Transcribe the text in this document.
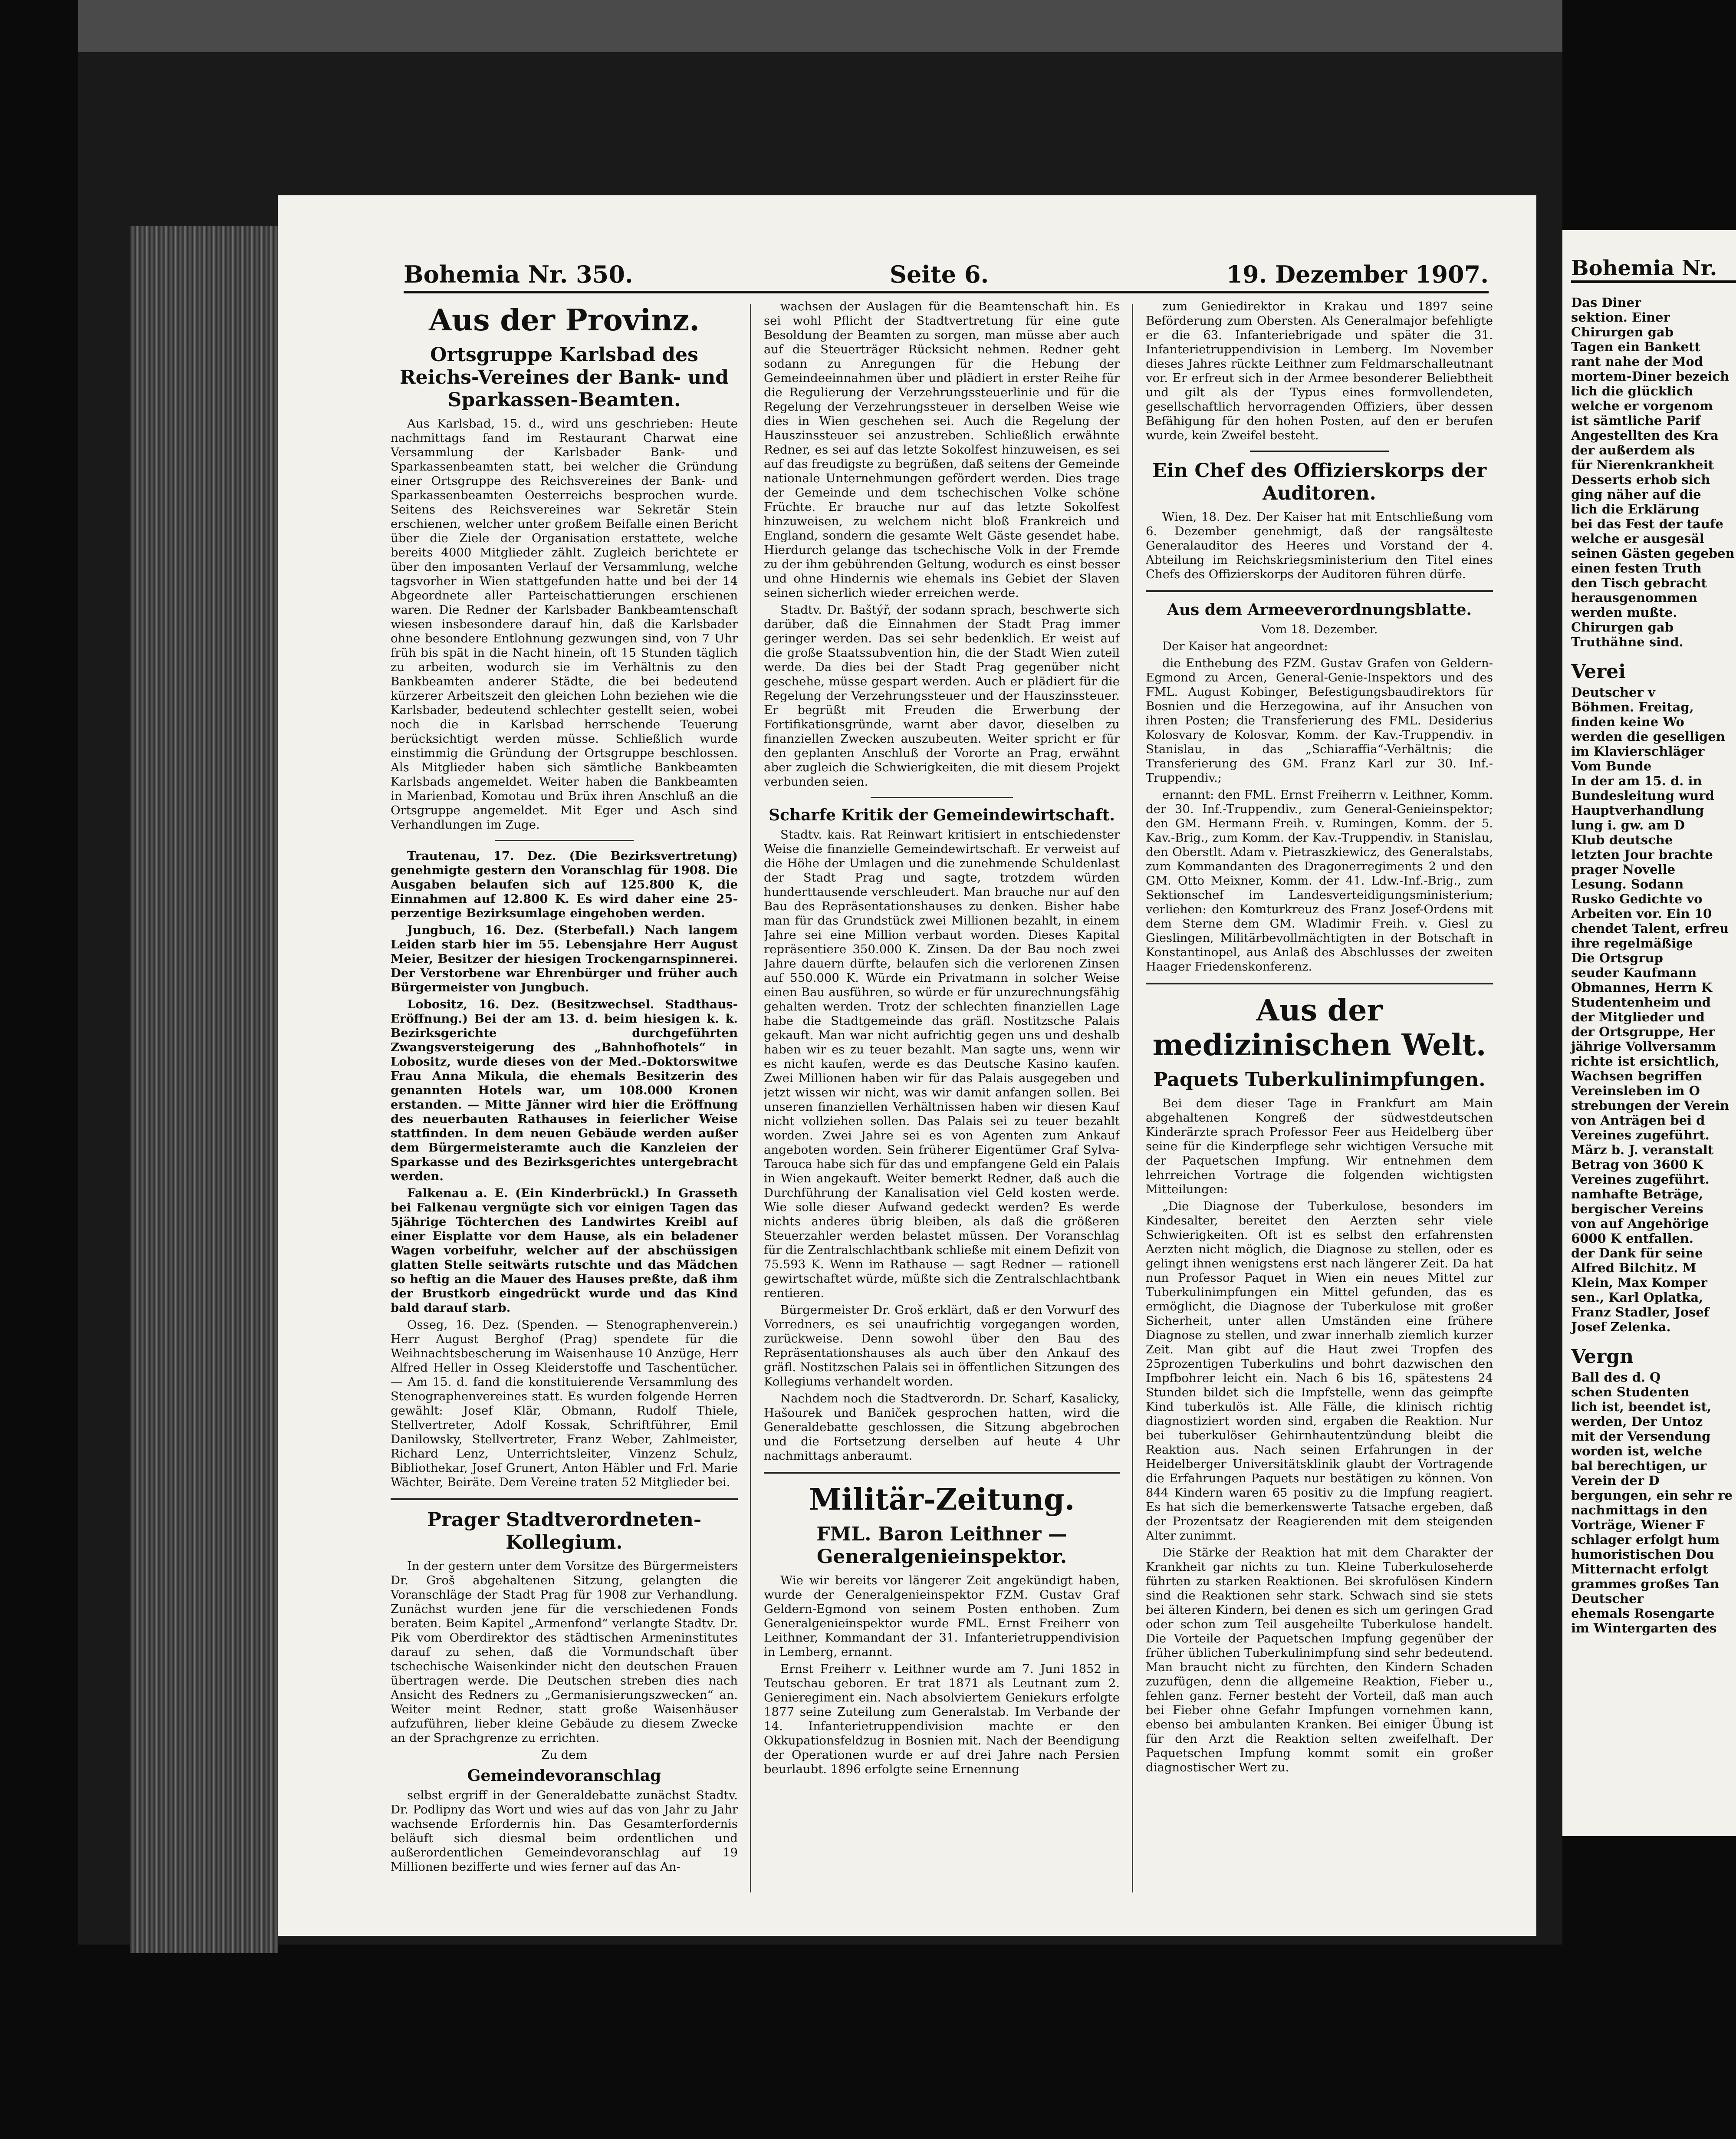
Bohemia Nr. 350.	Seite 6.	19. Dezember 1907.
Aus der Provinz.
Ortsgruppe Karlsbad des Reichs-Vereines der Bank- und Sparkassen-Beamten.

Aus Karlsbad, 15. d., wird uns geschrieben: Heute nachmittags fand im Restaurant Charwat eine Versammlung der Karlsbader Bank- und Sparkassenbeamten statt, bei welcher die Gründung einer Ortsgruppe des Reichsvereines der Bank- und Sparkassenbeamten Oesterreichs besprochen wurde. Seitens des Reichsvereines war Sekretär Stein erschienen, welcher unter großem Beifalle einen Bericht über die Ziele der Organisation erstattete, welche bereits 4000 Mitglieder zählt. Zugleich berichtete er über den imposanten Verlauf der Versammlung, welche tagsvorher in Wien stattgefunden hatte und bei der 14 Abgeordnete aller Parteischattierungen erschienen waren. Die Redner der Karlsbader Bankbeamtenschaft wiesen insbesondere darauf hin, daß die Karlsbader ohne besondere Entlohnung gezwungen sind, von 7 Uhr früh bis spät in die Nacht hinein, oft 15 Stunden täglich zu arbeiten, wodurch sie im Verhältnis zu den Bankbeamten anderer Städte, die bei bedeutend kürzerer Arbeitszeit den gleichen Lohn beziehen wie die Karlsbader, bedeutend schlechter gestellt seien, wobei noch die in Karlsbad herrschende Teuerung berücksichtigt werden müsse. Schließlich wurde einstimmig die Gründung der Ortsgruppe beschlossen. Als Mitglieder haben sich sämtliche Bankbeamten Karlsbads angemeldet. Weiter haben die Bankbeamten in Marienbad, Komotau und Brüx ihren Anschluß an die Ortsgruppe angemeldet. Mit Eger und Asch sind Verhandlungen im Zuge.

Trautenau, 17. Dez. (Die Bezirksvertretung) genehmigte gestern den Voranschlag für 1908. Die Ausgaben belaufen sich auf 125.800 K, die Einnahmen auf 12.800 K. Es wird daher eine 25-perzentige Bezirksumlage eingehoben werden.

Jungbuch, 16. Dez. (Sterbefall.) Nach langem Leiden starb hier im 55. Lebensjahre Herr August Meier, Besitzer der hiesigen Trockengarnspinnerei. Der Verstorbene war Ehrenbürger und früher auch Bürgermeister von Jungbuch.

Lobositz, 16. Dez. (Besitzwechsel. Stadthaus-Eröffnung.) Bei der am 13. d. beim hiesigen k. k. Bezirksgerichte durchgeführten Zwangsversteigerung des „Bahnhofhotels“ in Lobositz, wurde dieses von der Med.-Doktorswitwe Frau Anna Mikula, die ehemals Besitzerin des genannten Hotels war, um 108.000 Kronen erstanden. — Mitte Jänner wird hier die Eröffnung des neuerbauten Rathauses in feierlicher Weise stattfinden. In dem neuen Gebäude werden außer dem Bürgermeisteramte auch die Kanzleien der Sparkasse und des Bezirksgerichtes untergebracht werden.

Falkenau a. E. (Ein Kinderbrückl.) In Grasseth bei Falkenau vergnügte sich vor einigen Tagen das 5jährige Töchterchen des Landwirtes Kreibl auf einer Eisplatte vor dem Hause, als ein beladener Wagen vorbeifuhr, welcher auf der abschüssigen glatten Stelle seitwärts rutschte und das Mädchen so heftig an die Mauer des Hauses preßte, daß ihm der Brustkorb eingedrückt wurde und das Kind bald darauf starb.

Osseg, 16. Dez. (Spenden. — Stenographenverein.) Herr August Berghof (Prag) spendete für die Weihnachtsbescherung im Waisenhause 10 Anzüge, Herr Alfred Heller in Osseg Kleiderstoffe und Taschentücher. — Am 15. d. fand die konstituierende Versammlung des Stenographenvereines statt. Es wurden folgende Herren gewählt: Josef Klär, Obmann, Rudolf Thiele, Stellvertreter, Adolf Kossak, Schriftführer, Emil Danilowsky, Stellvertreter, Franz Weber, Zahlmeister, Richard Lenz, Unterrichtsleiter, Vinzenz Schulz, Bibliothekar, Josef Grunert, Anton Häbler und Frl. Marie Wächter, Beiräte. Dem Vereine traten 52 Mitglieder bei.

Prager Stadtverordneten-Kollegium.

In der gestern unter dem Vorsitze des Bürgermeisters Dr. Groš abgehaltenen Sitzung, gelangten die Voranschläge der Stadt Prag für 1908 zur Verhandlung. Zunächst wurden jene für die verschiedenen Fonds beraten. Beim Kapitel „Armenfond“ verlangte Stadtv. Dr. Pik vom Oberdirektor des städtischen Armeninstitutes darauf zu sehen, daß die Vormundschaft über tschechische Waisenkinder nicht den deutschen Frauen übertragen werde. Die Deutschen streben dies nach Ansicht des Redners zu „Germanisierungszwecken“ an. Weiter meint Redner, statt große Waisenhäuser aufzuführen, lieber kleine Gebäude zu diesem Zwecke an der Sprachgrenze zu errichten.

Zu dem

Gemeindevoranschlag

selbst ergriff in der Generaldebatte zunächst Stadtv. Dr. Podlipny das Wort und wies auf das von Jahr zu Jahr wachsende Erfordernis hin. Das Gesamterfordernis beläuft sich diesmal beim ordentlichen und außerordentlichen Gemeindevoranschlag auf 19 Millionen bezifferte und wies ferner auf das An-

wachsen der Auslagen für die Beamtenschaft hin. Es sei wohl Pflicht der Stadtvertretung für eine gute Besoldung der Beamten zu sorgen, man müsse aber auch auf die Steuerträger Rücksicht nehmen. Redner geht sodann zu Anregungen für die Hebung der Gemeindeeinnahmen über und plädiert in erster Reihe für die Regulierung der Verzehrungssteuerlinie und für die Regelung der Verzehrungssteuer in derselben Weise wie dies in Wien geschehen sei. Auch die Regelung der Hauszinssteuer sei anzustreben. Schließlich erwähnte Redner, es sei auf das letzte Sokolfest hinzuweisen, es sei auf das freudigste zu begrüßen, daß seitens der Gemeinde nationale Unternehmungen gefördert werden. Dies trage der Gemeinde und dem tschechischen Volke schöne Früchte. Er brauche nur auf das letzte Sokolfest hinzuweisen, zu welchem nicht bloß Frankreich und England, sondern die gesamte Welt Gäste gesendet habe. Hierdurch gelange das tschechische Volk in der Fremde zu der ihm gebührenden Geltung, wodurch es einst besser und ohne Hindernis wie ehemals ins Gebiet der Slaven seinen sicherlich wieder erreichen werde.

Stadtv. Dr. Baštýř, der sodann sprach, beschwerte sich darüber, daß die Einnahmen der Stadt Prag immer geringer werden. Das sei sehr bedenklich. Er weist auf die große Staatssubvention hin, die der Stadt Wien zuteil werde. Da dies bei der Stadt Prag gegenüber nicht geschehe, müsse gespart werden. Auch er plädiert für die Regelung der Verzehrungssteuer und der Hauszinssteuer. Er begrüßt mit Freuden die Erwerbung der Fortifikationsgründe, warnt aber davor, dieselben zu finanziellen Zwecken auszubeuten. Weiter spricht er für den geplanten Anschluß der Vororte an Prag, erwähnt aber zugleich die Schwierigkeiten, die mit diesem Projekt verbunden seien.

Scharfe Kritik der Gemeindewirtschaft.

Stadtv. kais. Rat Reinwart kritisiert in entschiedenster Weise die finanzielle Gemeindewirtschaft. Er verweist auf die Höhe der Umlagen und die zunehmende Schuldenlast der Stadt Prag und sagte, trotzdem würden hunderttausende verschleudert. Man brauche nur auf den Bau des Repräsentationshauses zu denken. Bisher habe man für das Grundstück zwei Millionen bezahlt, in einem Jahre sei eine Million verbaut worden. Dieses Kapital repräsentiere 350.000 K. Zinsen. Da der Bau noch zwei Jahre dauern dürfte, belaufen sich die verlorenen Zinsen auf 550.000 K. Würde ein Privatmann in solcher Weise einen Bau ausführen, so würde er für unzurechnungsfähig gehalten werden. Trotz der schlechten finanziellen Lage habe die Stadtgemeinde das gräfl. Nostitzsche Palais gekauft. Man war nicht aufrichtig gegen uns und deshalb haben wir es zu teuer bezahlt. Man sagte uns, wenn wir es nicht kaufen, werde es das Deutsche Kasino kaufen. Zwei Millionen haben wir für das Palais ausgegeben und jetzt wissen wir nicht, was wir damit anfangen sollen. Bei unseren finanziellen Verhältnissen haben wir diesen Kauf nicht vollziehen sollen. Das Palais sei zu teuer bezahlt worden. Zwei Jahre sei es von Agenten zum Ankauf angeboten worden. Sein früherer Eigentümer Graf Sylva-Tarouca habe sich für das und empfangene Geld ein Palais in Wien angekauft. Weiter bemerkt Redner, daß auch die Durchführung der Kanalisation viel Geld kosten werde. Wie solle dieser Aufwand gedeckt werden? Es werde nichts anderes übrig bleiben, als daß die größeren Steuerzahler werden belastet müssen. Der Voranschlag für die Zentralschlachtbank schließe mit einem Defizit von 75.593 K. Wenn im Rathause — sagt Redner — rationell gewirtschaftet würde, müßte sich die Zentralschlachtbank rentieren.

Bürgermeister Dr. Groš erklärt, daß er den Vorwurf des Vorredners, es sei unaufrichtig vorgegangen worden, zurückweise. Denn sowohl über den Bau des Repräsentationshauses als auch über den Ankauf des gräfl. Nostitzschen Palais sei in öffentlichen Sitzungen des Kollegiums verhandelt worden.

Nachdem noch die Stadtverordn. Dr. Scharf, Kasalicky, Hašourek und Baniček gesprochen hatten, wird die Generaldebatte geschlossen, die Sitzung abgebrochen und die Fortsetzung derselben auf heute 4 Uhr nachmittags anberaumt.

Militär-Zeitung.
FML. Baron Leithner — Generalgenieinspektor.

Wie wir bereits vor längerer Zeit angekündigt haben, wurde der Generalgenieinspektor FZM. Gustav Graf Geldern-Egmond von seinem Posten enthoben. Zum Generalgenieinspektor wurde FML. Ernst Freiherr von Leithner, Kommandant der 31. Infanterietruppendivision in Lemberg, ernannt.

Ernst Freiherr v. Leithner wurde am 7. Juni 1852 in Teutschau geboren. Er trat 1871 als Leutnant zum 2. Genieregiment ein. Nach absolviertem Geniekurs erfolgte 1877 seine Zuteilung zum Generalstab. Im Verbande der 14. Infanterietruppendivision machte er den Okkupationsfeldzug in Bosnien mit. Nach der Beendigung der Operationen wurde er auf drei Jahre nach Persien beurlaubt. 1896 erfolgte seine Ernennung

zum Geniedirektor in Krakau und 1897 seine Beförderung zum Obersten. Als Generalmajor befehligte er die 63. Infanteriebrigade und später die 31. Infanterietruppendivision in Lemberg. Im November dieses Jahres rückte Leithner zum Feldmarschalleutnant vor. Er erfreut sich in der Armee besonderer Beliebtheit und gilt als der Typus eines formvollendeten, gesellschaftlich hervorragenden Offiziers, über dessen Befähigung für den hohen Posten, auf den er berufen wurde, kein Zweifel besteht.

Ein Chef des Offizierskorps der Auditoren.

Wien, 18. Dez. Der Kaiser hat mit Entschließung vom 6. Dezember genehmigt, daß der rangsälteste Generalauditor des Heeres und Vorstand der 4. Abteilung im Reichskriegsministerium den Titel eines Chefs des Offizierskorps der Auditoren führen dürfe.

Aus dem Armeeverordnungsblatte.

Vom 18. Dezember.

Der Kaiser hat angeordnet:

die Enthebung des FZM. Gustav Grafen von Geldern-Egmond zu Arcen, General-Genie-Inspektors und des FML. August Kobinger, Befestigungsbaudirektors für Bosnien und die Herzegowina, auf ihr Ansuchen von ihren Posten; die Transferierung des FML. Desiderius Kolosvary de Kolosvar, Komm. der Kav.-Truppendiv. in Stanislau, in das „Schiaraffia“-Verhältnis; die Transferierung des GM. Franz Karl zur 30. Inf.-Truppendiv.;

ernannt: den FML. Ernst Freiherrn v. Leithner, Komm. der 30. Inf.-Truppendiv., zum General-Genieinspektor; den GM. Hermann Freih. v. Rumingen, Komm. der 5. Kav.-Brig., zum Komm. der Kav.-Truppendiv. in Stanislau, den Oberstlt. Adam v. Pietraszkiewicz, des Generalstabs, zum Kommandanten des Dragonerregiments 2 und den GM. Otto Meixner, Komm. der 41. Ldw.-Inf.-Brig., zum Sektionschef im Landesverteidigungsministerium; verliehen: den Komturkreuz des Franz Josef-Ordens mit dem Sterne dem GM. Wladimir Freih. v. Giesl zu Gieslingen, Militärbevollmächtigten in der Botschaft in Konstantinopel, aus Anlaß des Abschlusses der zweiten Haager Friedenskonferenz.

Aus der medizinischen Welt.
Paquets Tuberkulinimpfungen.

Bei dem dieser Tage in Frankfurt am Main abgehaltenen Kongreß der südwestdeutschen Kinderärzte sprach Professor Feer aus Heidelberg über seine für die Kinderpflege sehr wichtigen Versuche mit der Paquetschen Impfung. Wir entnehmen dem lehrreichen Vortrage die folgenden wichtigsten Mitteilungen:

„Die Diagnose der Tuberkulose, besonders im Kindesalter, bereitet den Aerzten sehr viele Schwierigkeiten. Oft ist es selbst den erfahrensten Aerzten nicht möglich, die Diagnose zu stellen, oder es gelingt ihnen wenigstens erst nach längerer Zeit. Da hat nun Professor Paquet in Wien ein neues Mittel zur Tuberkulinimpfungen ein Mittel gefunden, das es ermöglicht, die Diagnose der Tuberkulose mit großer Sicherheit, unter allen Umständen eine frühere Diagnose zu stellen, und zwar innerhalb ziemlich kurzer Zeit. Man gibt auf die Haut zwei Tropfen des 25prozentigen Tuberkulins und bohrt dazwischen den Impfbohrer leicht ein. Nach 6 bis 16, spätestens 24 Stunden bildet sich die Impfstelle, wenn das geimpfte Kind tuberkulös ist. Alle Fälle, die klinisch richtig diagnostiziert worden sind, ergaben die Reaktion. Nur bei tuberkulöser Gehirnhautentzündung bleibt die Reaktion aus. Nach seinen Erfahrungen in der Heidelberger Universitätsklinik glaubt der Vortragende die Erfahrungen Paquets nur bestätigen zu können. Von 844 Kindern waren 65 positiv zu die Impfung reagiert. Es hat sich die bemerkenswerte Tatsache ergeben, daß der Prozentsatz der Reagierenden mit dem steigenden Alter zunimmt.

Die Stärke der Reaktion hat mit dem Charakter der Krankheit gar nichts zu tun. Kleine Tuberkuloseherde führten zu starken Reaktionen. Bei skrofulösen Kindern sind die Reaktionen sehr stark. Schwach sind sie stets bei älteren Kindern, bei denen es sich um geringen Grad oder schon zum Teil ausgeheilte Tuberkulose handelt. Die Vorteile der Paquetschen Impfung gegenüber der früher üblichen Tuberkulinimpfung sind sehr bedeutend. Man braucht nicht zu fürchten, den Kindern Schaden zuzufügen, denn die allgemeine Reaktion, Fieber u., fehlen ganz. Ferner besteht der Vorteil, daß man auch bei Fieber ohne Gefahr Impfungen vornehmen kann, ebenso bei ambulanten Kranken. Bei einiger Übung ist für den Arzt die Reaktion selten zweifelhaft. Der Paquetschen Impfung kommt somit ein großer diagnostischer Wert zu.

Bohemia Nr.
Das Diner
sektion. Einer
Chirurgen gab
Tagen ein Bankett
rant nahe der Mod
mortem-Diner bezeich
lich die glücklich
welche er vorgenom
ist sämtliche Parif
Angestellten des Kra
der außerdem als
für Nierenkrankheit
Desserts erhob sich
ging näher auf die
lich die Erklärung
bei das Fest der taufe
welche er ausgesäl
seinen Gästen gegeben
einen festen Truth
den Tisch gebracht
herausgenommen
werden mußte.
Chirurgen gab
Truthähne sind.
Verei
Deutscher v
Böhmen. Freitag,
finden keine Wo
werden die geselligen
im Klavierschläger
Vom Bunde
In der am 15. d. in
Bundesleitung wurd
Hauptverhandlung
lung i. gw. am D
Klub deutsche
letzten Jour brachte
prager Novelle
Lesung. Sodann
Rusko Gedichte vo
Arbeiten vor. Ein 10
chendet Talent, erfreu
ihre regelmäßige
Die Ortsgrup
seuder Kaufmann
Obmannes, Herrn K
Studentenheim und
der Mitglieder und
der Ortsgruppe, Her
jährige Vollversamm
richte ist ersichtlich,
Wachsen begriffen
Vereinsleben im O
strebungen der Verein
von Anträgen bei d
Vereines zugeführt.
März b. J. veranstalt
Betrag von 3600 K
Vereines zugeführt.
namhafte Beträge,
bergischer Vereins
von auf Angehörige
6000 K entfallen.
der Dank für seine
Alfred Bilchitz. M
Klein, Max Komper
sen., Karl Oplatka,
Franz Stadler, Josef
Josef Zelenka.
Vergn
Ball des d. Q
schen Studenten
lich ist, beendet ist,
werden, Der Untoz
mit der Versendung
worden ist, welche
bal berechtigen, ur
Verein der D
bergungen, ein sehr re
nachmittags in den
Vorträge, Wiener F
schlager erfolgt hum
humoristischen Dou
Mitternacht erfolgt
grammes großes Tan
Deutscher
ehemals Rosengarte
im Wintergarten des
